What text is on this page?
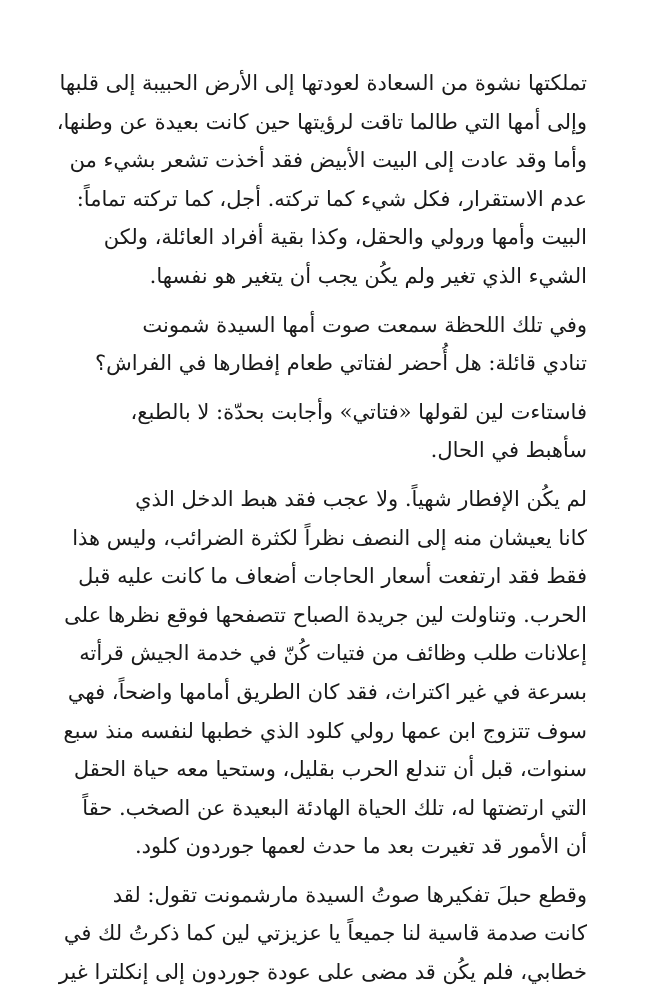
تملكتها نشوة من السعادة لعودتها إلى الأرض الحبيبة إلى قلبها
وإلى أمها التي طالما تاقت لرؤيتها حين كانت بعيدة عن وطنها،
وأما وقد عادت إلى البيت الأبيض فقد أخذت تشعر بشيء من
عدم الاستقرار، فكل شيء كما تركته. أجل، كما تركته تماماً:
البيت وأمها ورولي والحقل، وكذا بقية أفراد العائلة، ولكن
الشيء الذي تغير ولم يكُن يجب أن يتغير هو نفسها.

وفي تلك اللحظة سمعت صوت أمها السيدة شمونت
تنادي قائلة: هل أُحضر لفتاتي طعام إفطارها في الفراش؟

فاستاءت لين لقولها «فتاتي» وأجابت بحدّة: لا بالطبع،
سأهبط في الحال.

لم يكُن الإفطار شهياً. ولا عجب فقد هبط الدخل الذي
كانا يعيشان منه إلى النصف نظراً لكثرة الضرائب، وليس هذا
فقط فقد ارتفعت أسعار الحاجات أضعاف ما كانت عليه قبل
الحرب. وتناولت لين جريدة الصباح تتصفحها فوقع نظرها على
إعلانات طلب وظائف من فتيات كُنّ في خدمة الجيش قرأته
بسرعة في غير اكتراث، فقد كان الطريق أمامها واضحاً، فهي
سوف تتزوج ابن عمها رولي كلود الذي خطبها لنفسه منذ سبع
سنوات، قبل أن تندلع الحرب بقليل، وستحيا معه حياة الحقل
التي ارتضتها له، تلك الحياة الهادئة البعيدة عن الصخب. حقاً
أن الأمور قد تغيرت بعد ما حدث لعمها جوردون كلود.

وقطع حبلَ تفكيرها صوتُ السيدة مارشمونت تقول: لقد
كانت صدمة قاسية لنا جميعاً يا عزيزتي لين كما ذكرتُ لك في
خطابي، فلم يكُن قد مضى على عودة جوردون إلى إنكلترا غير
